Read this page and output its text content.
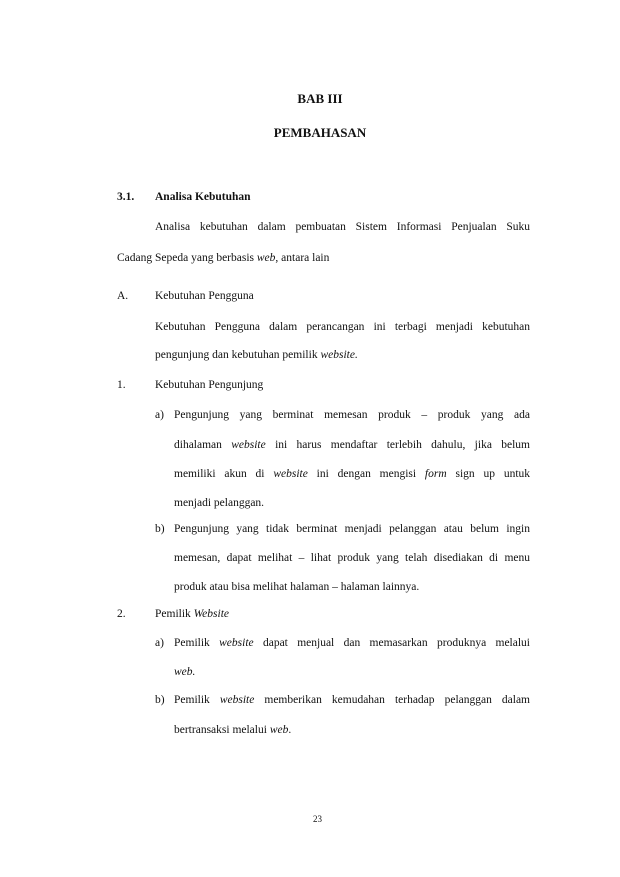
BAB III
PEMBAHASAN
3.1. Analisa Kebutuhan
Analisa kebutuhan dalam pembuatan Sistem Informasi Penjualan Suku
Cadang Sepeda yang berbasis web, antara lain
A. Kebutuhan Pengguna
Kebutuhan Pengguna dalam perancangan ini terbagi menjadi kebutuhan
pengunjung dan kebutuhan pemilik website.
1.	Kebutuhan Pengunjung
a) Pengunjung yang berminat memesan produk – produk yang ada
dihalaman website ini harus mendaftar terlebih dahulu, jika belum
memiliki akun di website ini dengan mengisi form sign up untuk
menjadi pelanggan.
b) Pengunjung yang tidak berminat menjadi pelanggan atau belum ingin
memesan, dapat melihat – lihat produk yang telah disediakan di menu
produk atau bisa melihat halaman – halaman lainnya.
2.	Pemilik Website
a) Pemilik website dapat menjual dan memasarkan produknya melalui
web.
b) Pemilik website memberikan kemudahan terhadap pelanggan dalam
bertransaksi melalui web.
23
